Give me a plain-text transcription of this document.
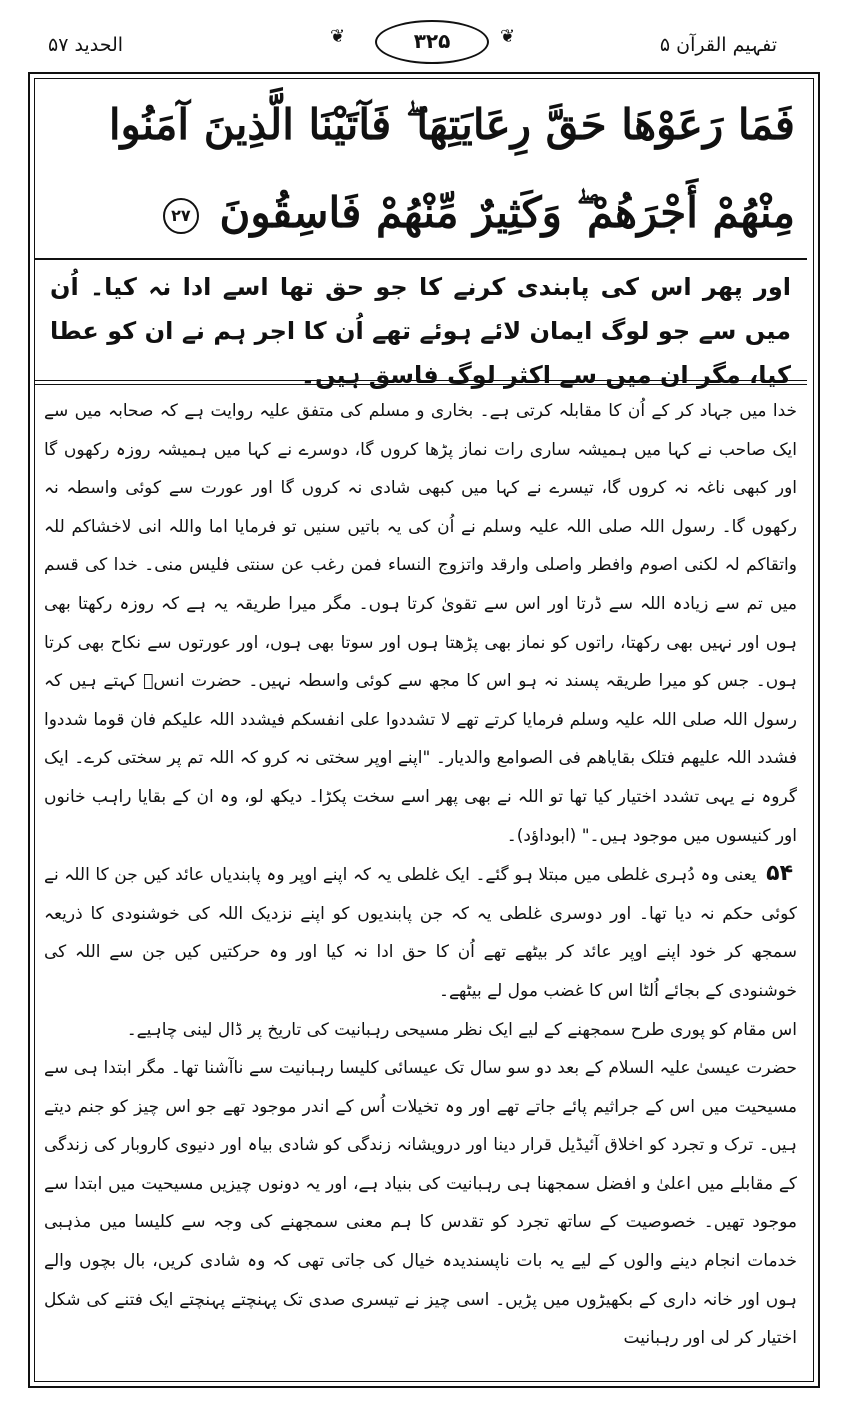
تفہیم القرآن ۵
❦	۳۲۵	❦
الحدید ۵۷
فَمَا رَعَوْهَا حَقَّ رِعَايَتِهَا ۖ فَآتَيْنَا الَّذِينَ آمَنُوا
مِنْهُمْ أَجْرَهُمْ ۖ وَكَثِيرٌ مِّنْهُمْ فَاسِقُونَ ۲۷
اور پھر اس کی پابندی کرنے کا جو حق تھا اسے ادا نہ کیا۔ اُن میں سے جو لوگ ایمان لائے ہوئے تھے اُن کا اجر ہم نے ان کو عطا کیا، مگر ان میں سے اکثر لوگ فاسق ہیں۔

خدا میں جہاد کر کے اُن کا مقابلہ کرتی ہے۔ بخاری و مسلم کی متفق علیہ روایت ہے کہ صحابہ میں سے ایک صاحب نے کہا میں ہمیشہ ساری رات نماز پڑھا کروں گا، دوسرے نے کہا میں ہمیشہ روزہ رکھوں گا اور کبھی ناغہ نہ کروں گا، تیسرے نے کہا میں کبھی شادی نہ کروں گا اور عورت سے کوئی واسطہ نہ رکھوں گا۔ رسول اللہ صلی اللہ علیہ وسلم نے اُن کی یہ باتیں سنیں تو فرمایا اما واللہ انی لاخشاکم للہ واتقاکم لہ لکنی اصوم وافطر واصلی وارقد واتزوج النساء فمن رغب عن سنتی فلیس منی۔ خدا کی قسم میں تم سے زیادہ اللہ سے ڈرتا اور اس سے تقویٰ کرتا ہوں۔ مگر میرا طریقہ یہ ہے کہ روزہ رکھتا بھی ہوں اور نہیں بھی رکھتا، راتوں کو نماز بھی پڑھتا ہوں اور سوتا بھی ہوں، اور عورتوں سے نکاح بھی کرتا ہوں۔ جس کو میرا طریقہ پسند نہ ہو اس کا مجھ سے کوئی واسطہ نہیں۔ حضرت انسؓ کہتے ہیں کہ رسول اللہ صلی اللہ علیہ وسلم فرمایا کرتے تھے لا تشددوا علی انفسکم فیشدد اللہ علیکم فان قوما شددوا فشدد اللہ علیھم فتلک بقایاھم فی الصوامع والدیار۔ "اپنے اوپر سختی نہ کرو کہ اللہ تم پر سختی کرے۔ ایک گروہ نے یہی تشدد اختیار کیا تھا تو اللہ نے بھی پھر اسے سخت پکڑا۔ دیکھ لو، وہ ان کے بقایا راہب خانوں اور کنیسوں میں موجود ہیں۔" (ابوداؤد)۔

۵۴ یعنی وہ دُہری غلطی میں مبتلا ہو گئے۔ ایک غلطی یہ کہ اپنے اوپر وہ پابندیاں عائد کیں جن کا اللہ نے کوئی حکم نہ دیا تھا۔ اور دوسری غلطی یہ کہ جن پابندیوں کو اپنے نزدیک اللہ کی خوشنودی کا ذریعہ سمجھ کر خود اپنے اوپر عائد کر بیٹھے تھے اُن کا حق ادا نہ کیا اور وہ حرکتیں کیں جن سے اللہ کی خوشنودی کے بجائے اُلٹا اس کا غضب مول لے بیٹھے۔

اس مقام کو پوری طرح سمجھنے کے لیے ایک نظر مسیحی رہبانیت کی تاریخ پر ڈال لینی چاہیے۔

حضرت عیسیٰ علیہ السلام کے بعد دو سو سال تک عیسائی کلیسا رہبانیت سے ناآشنا تھا۔ مگر ابتدا ہی سے مسیحیت میں اس کے جراثیم پائے جاتے تھے اور وہ تخیلات اُس کے اندر موجود تھے جو اس چیز کو جنم دیتے ہیں۔ ترک و تجرد کو اخلاق آئیڈیل قرار دینا اور درویشانہ زندگی کو شادی بیاہ اور دنیوی کاروبار کی زندگی کے مقابلے میں اعلیٰ و افضل سمجھنا ہی رہبانیت کی بنیاد ہے، اور یہ دونوں چیزیں مسیحیت میں ابتدا سے موجود تھیں۔ خصوصیت کے ساتھ تجرد کو تقدس کا ہم معنی سمجھنے کی وجہ سے کلیسا میں مذہبی خدمات انجام دینے والوں کے لیے یہ بات ناپسندیدہ خیال کی جاتی تھی کہ وہ شادی کریں، بال بچوں والے ہوں اور خانہ داری کے بکھیڑوں میں پڑیں۔ اسی چیز نے تیسری صدی تک پہنچتے پہنچتے ایک فتنے کی شکل اختیار کر لی اور رہبانیت
